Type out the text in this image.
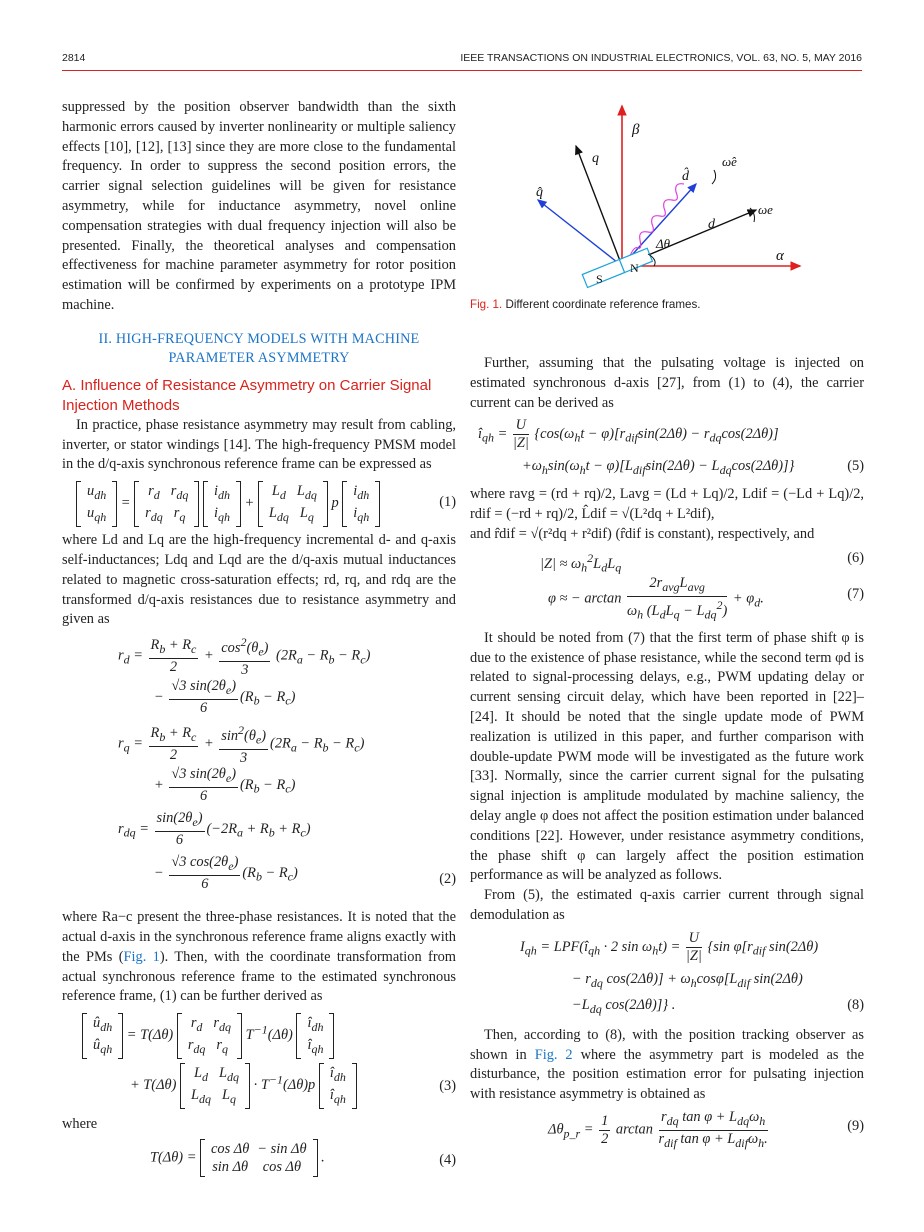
2814	IEEE TRANSACTIONS ON INDUSTRIAL ELECTRONICS, VOL. 63, NO. 5, MAY 2016

suppressed by the position observer bandwidth than the sixth harmonic errors caused by inverter nonlinearity or multiple saliency effects [10], [12], [13] since they are more close to the fundamental frequency. In order to suppress the second position errors, the carrier signal selection guidelines will be given for resistance asymmetry, while for inductance asymmetry, novel online compensation strategies with dual frequency injection will also be presented. Finally, the theoretical analyses and compensation effectiveness for machine parameter asymmetry for rotor position estimation will be confirmed by experiments on a prototype IPM machine.

II. HIGH-FREQUENCY MODELS WITH MACHINE PARAMETER ASYMMETRY
A. Influence of Resistance Asymmetry on Carrier Signal Injection Methods

In practice, phase resistance asymmetry may result from cabling, inverter, or stator windings [14]. The high-frequency PMSM model in the d/q-axis synchronous reference frame can be expressed as

$u_{dh}$
$u_{qh}$
=
$r_d$	$r_{dq}$
$r_{dq}$	$r_q$

$i_{dh}$
$i_{qh}$
+
$L_d$	$L_{dq}$
$L_{dq}$	$L_q$
p
$i_{dh}$
$i_{qh}$
(1)

where Ld and Lq are the high-frequency incremental d- and q-axis self-inductances; Ldq and Lqd are the d/q-axis mutual inductances related to magnetic cross-saturation effects; rd, rq, and rdq are the transformed d/q-axis resistances due to resistance asymmetry and given as

$r_d = \frac{R_b + R_c}{2} + \frac{\cos^2(\theta_e)}{3} (2R_a - R_b - R_c)$
− $\frac{√3 \sin(2\theta_e)}{6} (R_b - R_c)$
$r_q = \frac{R_b + R_c}{2} + \frac{\sin^2(\theta_e)}{3} (2R_a - R_b - R_c)$
+ $\frac{√3 \sin(2\theta_e)}{6} (R_b - R_c)$
$r_{dq} = \frac{\sin(2\theta_e)}{6} (-2R_a + R_b + R_c)$
− $\frac{√3 \cos(2\theta_e)}{6} (R_b - R_c)$	(2)

where Ra−c present the three-phase resistances. It is noted that the actual d-axis in the synchronous reference frame aligns exactly with the PMs (Fig. 1). Then, with the coordinate transformation from actual synchronous reference frame to the estimated synchronous reference frame, (1) can be further derived as

$û_{dh}$
$û_{qh}$
= T(Δθ)
$r_d$	$r_{dq}$
$r_{dq}$	$r_q$
$T^{-1}(\Delta\theta)$
$î_{dh}$
$î_{qh}$
+ T(Δθ)
$L_d$	$L_{dq}$
$L_{dq}$	$L_q$
· $T^{-1}(\Delta\theta)p$
$î_{dh}$
$î_{qh}$
(3)

where

T(Δθ) =
cos Δθ	− sin Δθ
sin Δθ	cos Δθ
.	(4)
S
N
Δθ
β
α
q
q̂
d
d̂
ω̂e
ωe
Fig. 1. Different coordinate reference frames.

Further, assuming that the pulsating voltage is injected on estimated synchronous d-axis [27], from (1) to (4), the carrier current can be derived as

$î_{qh} = \frac{U}{|Z|} \{\cos(\omega_ht - \varphi)[r_{dif}\sin(2\Delta\theta) - r_{dq}\cos(2\Delta\theta)]$
$+\omega_h\sin(\omega_ht - \varphi)[L_{dif}\sin(2\Delta\theta) - L_{dq}\cos(2\Delta\theta)]$}	(5)

where ravg = (rd + rq)/2, Lavg = (Ld + Lq)/2, Ldif = (−Ld + Lq)/2, rdif = (−rd + rq)/2, L̂dif = √(L²dq + L²dif),

and r̂dif = √(r²dq + r²dif) (r̂dif is constant), respectively, and

$|Z| \approx \omega_h^2L_dL_q$
(6)
φ ≈ − $\arctan \frac{2r_{avg}L_{avg}}{\omega_h (L_dL_q - L_{dq}^2)} + \varphi_d$.	(7)

It should be noted from (7) that the first term of phase shift φ is due to the existence of phase resistance, while the second term φd is related to signal-processing delays, e.g., PWM updating delay or current sensing circuit delay, which have been reported in [22]–[24]. It should be noted that the single update mode of PWM realization is utilized in this paper, and further comparison with double-update PWM mode will be investigated as the future work [33]. Normally, since the carrier current signal for the pulsating signal injection is amplitude modulated by machine saliency, the delay angle φ does not affect the position estimation under balanced conditions [22]. However, under resistance asymmetry conditions, the phase shift φ can largely affect the position estimation performance as will be analyzed as follows.

From (5), the estimated q-axis carrier current through signal demodulation as

$I_{qh}$ = $LPF(î_{qh} \cdot 2$ $\sin \omega_ht) = \frac{U}{|Z|} \{\sin$ $\varphi[r_{dif}$ sin(2Δθ)
− $r_{dq}$ $\cos(2\Delta\theta)] + \omega_h\cos\varphi[L_{dif}$ sin(2Δθ)
$-L_{dq}$ cos(2Δθ)]} .	(8)

Then, according to (8), with the position tracking observer as shown in Fig. 2 where the asymmetry part is modeled as the disturbance, the position estimation error for pulsating injection with resistance asymmetry is obtained as

$\Delta\theta_{p\_r} = \frac{1}{2}$ $\arctan \frac{r_{dq} \tan \varphi + L_{dq}\omega_h}{r_{dif} \tan \varphi + L_{dif}\omega_h.}$	(9)
